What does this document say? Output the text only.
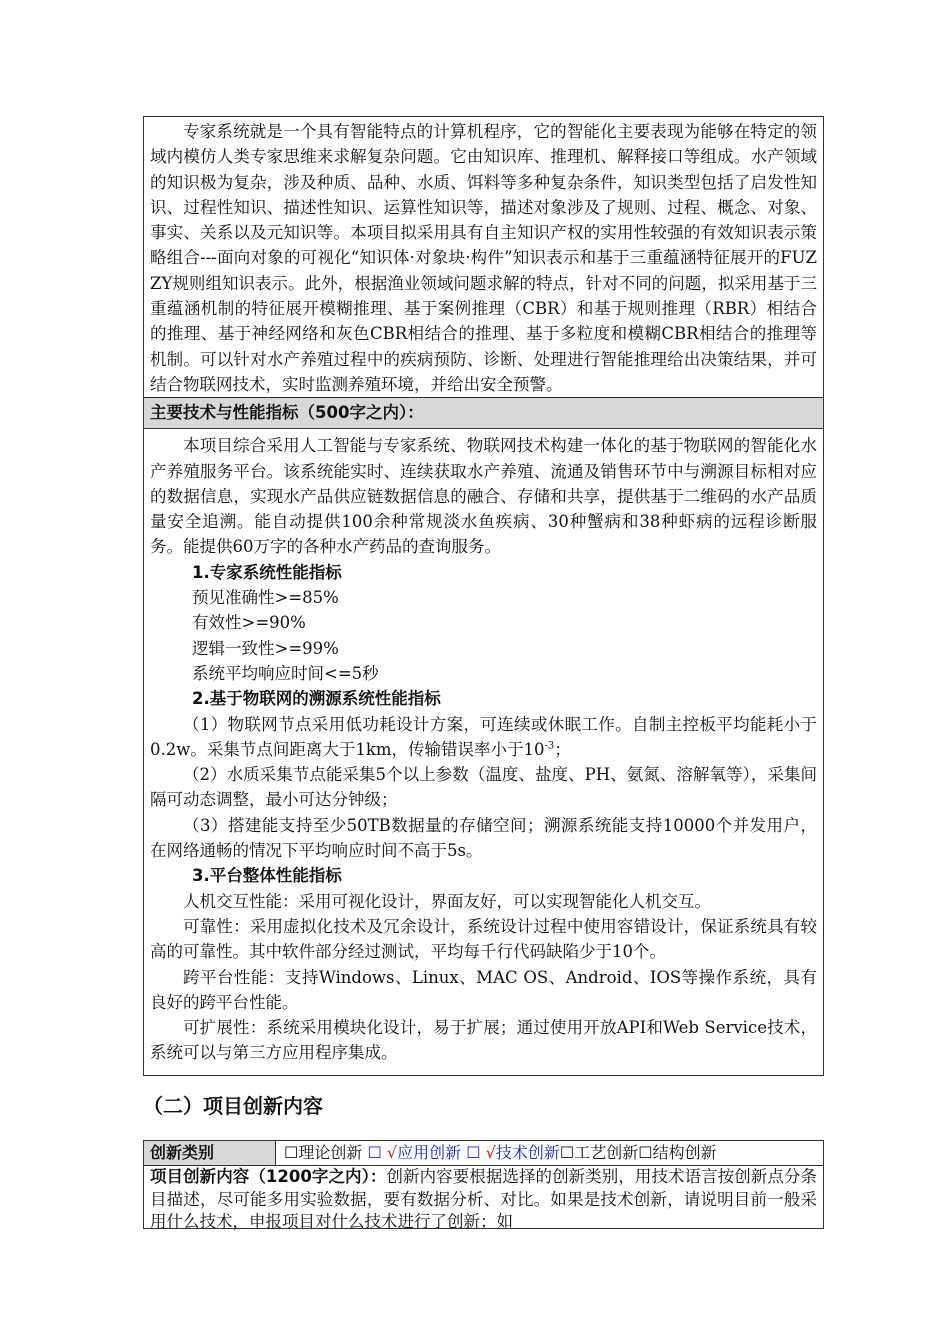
专家系统就是一个具有智能特点的计算机程序，它的智能化主要表现为能够在特定的领域内模仿人类专家思维来求解复杂问题。它由知识库、推理机、解释接口等组成。水产领域的知识极为复杂，涉及种质、品种、水质、饵料等多种复杂条件，知识类型包括了启发性知识、过程性知识、描述性知识、运算性知识等，描述对象涉及了规则、过程、概念、对象、事实、关系以及元知识等。本项目拟采用具有自主知识产权的实用性较强的有效知识表示策略组合---面向对象的可视化“知识体·对象块·构件”知识表示和基于三重蕴涵特征展开的FUZZY规则组知识表示。此外，根据渔业领域问题求解的特点，针对不同的问题，拟采用基于三重蕴涵机制的特征展开模糊推理、基于案例推理（CBR）和基于规则推理（RBR）相结合的推理、基于神经网络和灰色CBR相结合的推理、基于多粒度和模糊CBR相结合的推理等机制。可以针对水产养殖过程中的疾病预防、诊断、处理进行智能推理给出决策结果，并可结合物联网技术，实时监测养殖环境，并给出安全预警。

主要技术与性能指标（500字之内）：

本项目综合采用人工智能与专家系统、物联网技术构建一体化的基于物联网的智能化水产养殖服务平台。该系统能实时、连续获取水产养殖、流通及销售环节中与溯源目标相对应的数据信息，实现水产品供应链数据信息的融合、存储和共享，提供基于二维码的水产品质量安全追溯。能自动提供100余种常规淡水鱼疾病、30种蟹病和38种虾病的远程诊断服务。能提供60万字的各种水产药品的查询服务。

1.专家系统性能指标

预见准确性>=85%

有效性>=90%

逻辑一致性>=99%

系统平均响应时间<=5秒

2.基于物联网的溯源系统性能指标

（1）物联网节点采用低功耗设计方案，可连续或休眠工作。自制主控板平均能耗小于0.2w。采集节点间距离大于1km，传输错误率小于$10^{-3}$；

（2）水质采集节点能采集5个以上参数（温度、盐度、PH、氨氮、溶解氧等），采集间隔可动态调整，最小可达分钟级；

（3）搭建能支持至少50TB数据量的存储空间；溯源系统能支持10000个并发用户，在网络通畅的情况下平均响应时间不高于5s。

3.平台整体性能指标

人机交互性能：采用可视化设计，界面友好，可以实现智能化人机交互。

可靠性：采用虚拟化技术及冗余设计，系统设计过程中使用容错设计，保证系统具有较高的可靠性。其中软件部分经过测试，平均每千行代码缺陷少于10个。

跨平台性能：支持Windows、Linux、MAC OS、Android、IOS等操作系统，具有良好的跨平台性能。

可扩展性：系统采用模块化设计，易于扩展；通过使用开放API和Web Service技术，系统可以与第三方应用程序集成。

（二）项目创新内容
创新类别	☐理论创新 ☐ √应用创新 ☐ √技术创新☐工艺创新☐结构创新
项目创新内容（1200字之内）：创新内容要根据选择的创新类别，用技术语言按创新点分条目描述，尽可能多用实验数据，要有数据分析、对比。如果是技术创新，请说明目前一般采用什么技术，申报项目对什么技术进行了创新；如
